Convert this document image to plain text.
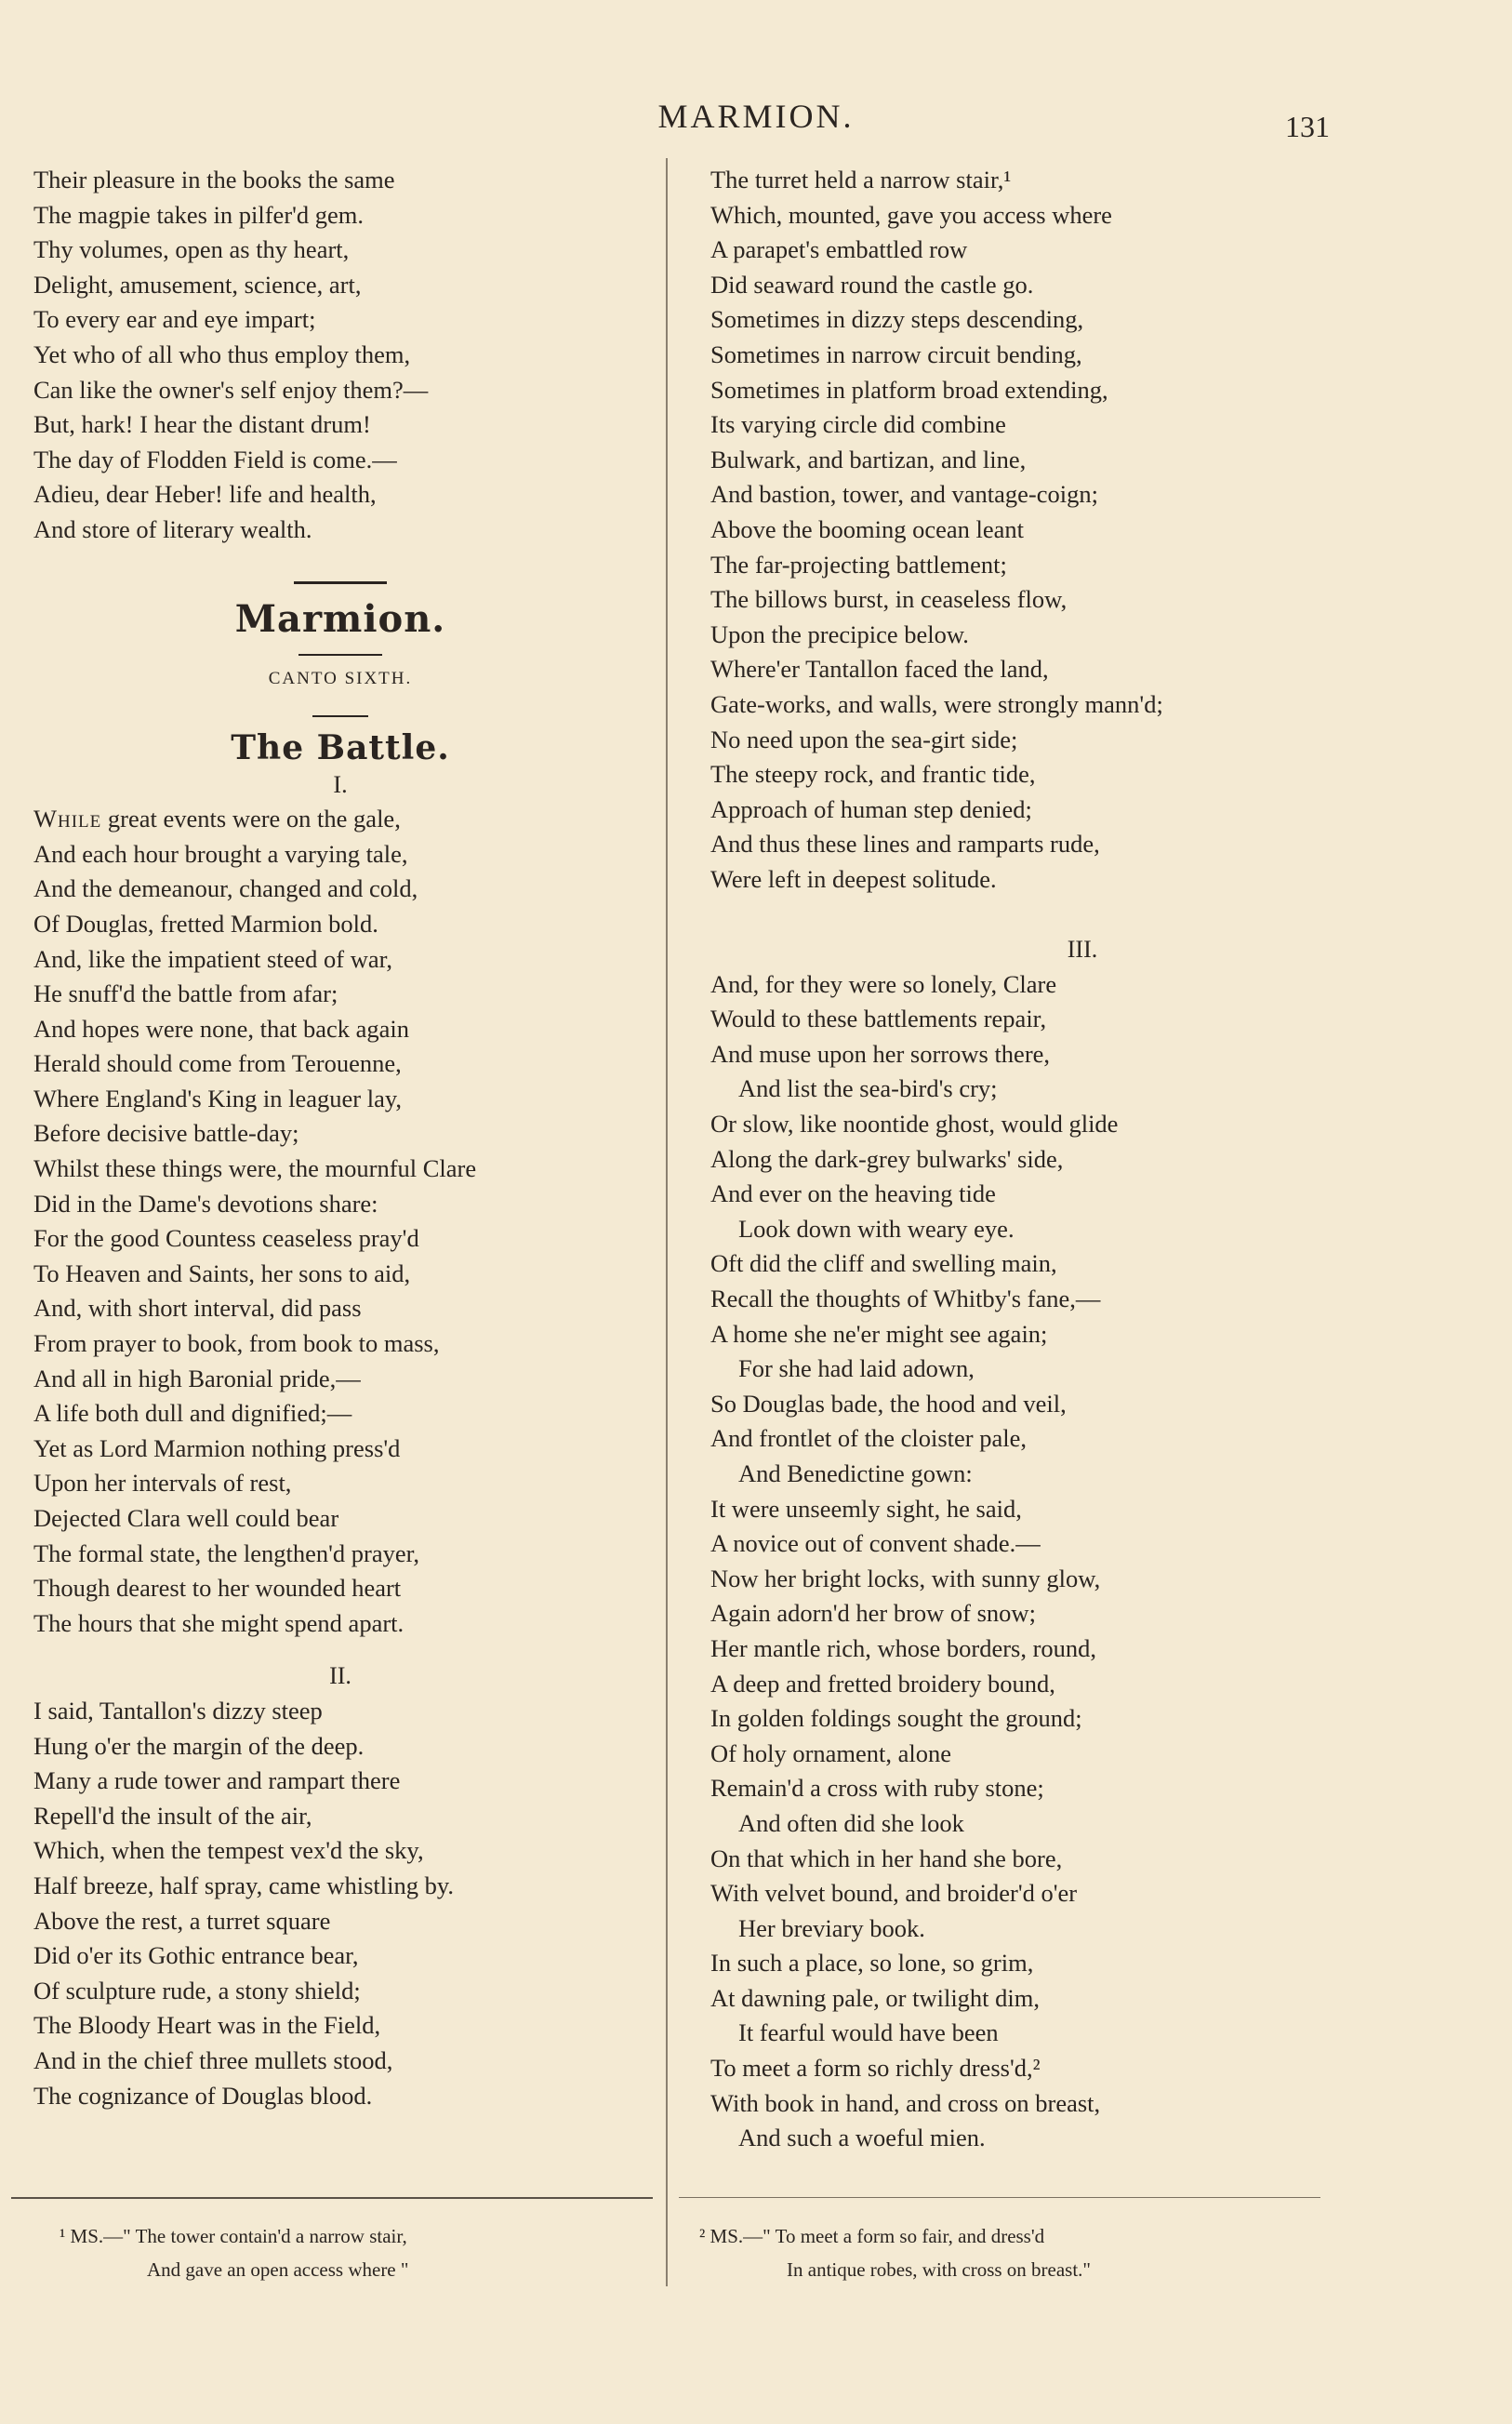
MARMION.	131
Their pleasure in the books the same
The magpie takes in pilfer'd gem.
Thy volumes, open as thy heart,
Delight, amusement, science, art,
To every ear and eye impart;
Yet who of all who thus employ them,
Can like the owner's self enjoy them?—
But, hark! I hear the distant drum!
The day of Flodden Field is come.—
Adieu, dear Heber! life and health,
And store of literary wealth.
Marmion.
CANTO SIXTH.
The Battle.
I.
While great events were on the gale,
And each hour brought a varying tale,
And the demeanour, changed and cold,
Of Douglas, fretted Marmion bold.
And, like the impatient steed of war,
He snuff'd the battle from afar;
And hopes were none, that back again
Herald should come from Terouenne,
Where England's King in leaguer lay,
Before decisive battle-day;
Whilst these things were, the mournful Clare
Did in the Dame's devotions share:
For the good Countess ceaseless pray'd
To Heaven and Saints, her sons to aid,
And, with short interval, did pass
From prayer to book, from book to mass,
And all in high Baronial pride,—
A life both dull and dignified;—
Yet as Lord Marmion nothing press'd
Upon her intervals of rest,
Dejected Clara well could bear
The formal state, the lengthen'd prayer,
Though dearest to her wounded heart
The hours that she might spend apart.
II.
I said, Tantallon's dizzy steep
Hung o'er the margin of the deep.
Many a rude tower and rampart there
Repell'd the insult of the air,
Which, when the tempest vex'd the sky,
Half breeze, half spray, came whistling by.
Above the rest, a turret square
Did o'er its Gothic entrance bear,
Of sculpture rude, a stony shield;
The Bloody Heart was in the Field,
And in the chief three mullets stood,
The cognizance of Douglas blood.
The turret held a narrow stair,¹
Which, mounted, gave you access where
A parapet's embattled row
Did seaward round the castle go.
Sometimes in dizzy steps descending,
Sometimes in narrow circuit bending,
Sometimes in platform broad extending,
Its varying circle did combine
Bulwark, and bartizan, and line,
And bastion, tower, and vantage-coign;
Above the booming ocean leant
The far-projecting battlement;
The billows burst, in ceaseless flow,
Upon the precipice below.
Where'er Tantallon faced the land,
Gate-works, and walls, were strongly mann'd;
No need upon the sea-girt side;
The steepy rock, and frantic tide,
Approach of human step denied;
And thus these lines and ramparts rude,
Were left in deepest solitude.
III.
And, for they were so lonely, Clare
Would to these battlements repair,
And muse upon her sorrows there,
And list the sea-bird's cry;
Or slow, like noontide ghost, would glide
Along the dark-grey bulwarks' side,
And ever on the heaving tide
Look down with weary eye.
Oft did the cliff and swelling main,
Recall the thoughts of Whitby's fane,—
A home she ne'er might see again;
For she had laid adown,
So Douglas bade, the hood and veil,
And frontlet of the cloister pale,
And Benedictine gown:
It were unseemly sight, he said,
A novice out of convent shade.—
Now her bright locks, with sunny glow,
Again adorn'd her brow of snow;
Her mantle rich, whose borders, round,
A deep and fretted broidery bound,
In golden foldings sought the ground;
Of holy ornament, alone
Remain'd a cross with ruby stone;
And often did she look
On that which in her hand she bore,
With velvet bound, and broider'd o'er
Her breviary book.
In such a place, so lone, so grim,
At dawning pale, or twilight dim,
It fearful would have been
To meet a form so richly dress'd,²
With book in hand, and cross on breast,
And such a woeful mien.
¹ MS.—" The tower contain'd a narrow stair,
And gave an open access where "
² MS.—" To meet a form so fair, and dress'd
In antique robes, with cross on breast."
